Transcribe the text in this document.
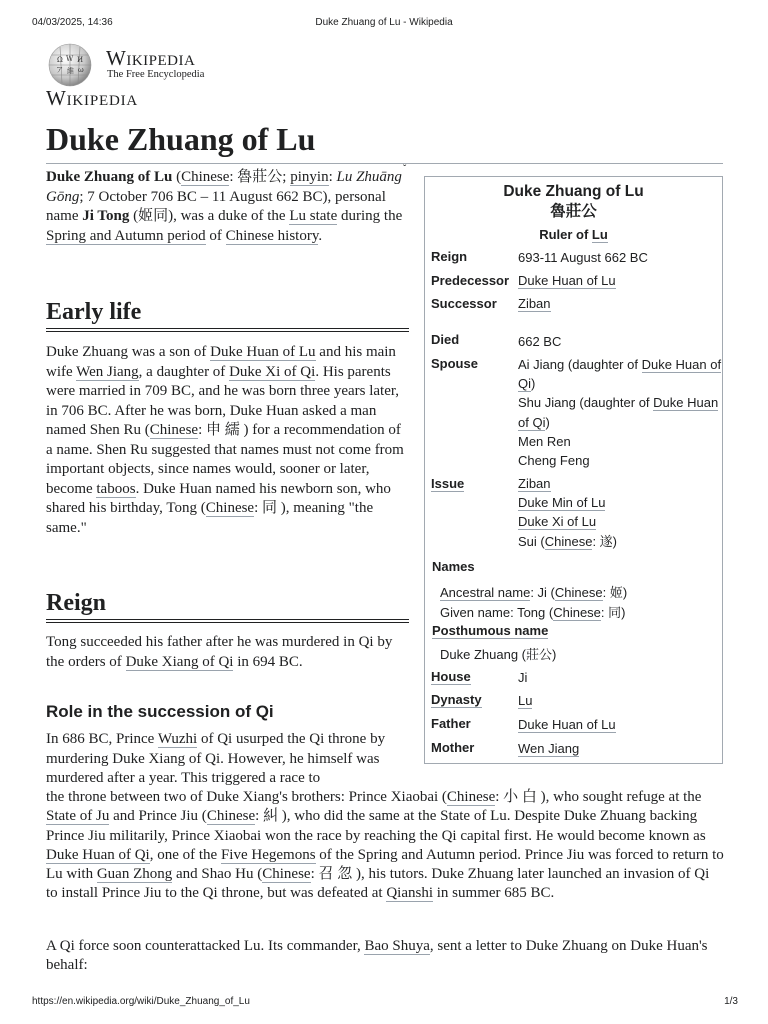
04/03/2025, 14:36	Duke Zhuang of Lu - Wikipedia
https://en.wikipedia.org/wiki/Duke_Zhuang_of_Lu	1/3
Ω W И
ア 維 ω Wikipedia
The Free Encyclopedia
Wikipedia
Duke Zhuang of Lu
ˇ

Duke Zhuang of Lu (Chinese: 魯莊公; pinyin: Lu Zhuāng Gōng; 7 October 706 BC – 11 August 662 BC), personal name Ji Tong (姬同), was a duke of the Lu state during the Spring and Autumn period of Chinese history.

Early life

Duke Zhuang was a son of Duke Huan of Lu and his main wife Wen Jiang, a daughter of Duke Xi of Qi. His parents were married in 709 BC, and he was born three years later, in 706 BC. After he was born, Duke Huan asked a man named Shen Ru (Chinese: 申 繻 ) for a recommendation of a name. Shen Ru suggested that names must not come from important objects, since names would, sooner or later, become taboos. Duke Huan named his newborn son, who shared his birthday, Tong (Chinese: 同 ), meaning "the same."

Reign

Tong succeeded his father after he was murdered in Qi by the orders of Duke Xiang of Qi in 694 BC.

Role in the succession of Qi

In 686 BC, Prince Wuzhi of Qi usurped the Qi throne by murdering Duke Xiang of Qi. However, he himself was murdered after a year. This triggered a race to

the throne between two of Duke Xiang's brothers: Prince Xiaobai (Chinese: 小 白 ), who sought refuge at the State of Ju and Prince Jiu (Chinese: 糾 ), who did the same at the State of Lu. Despite Duke Zhuang backing Prince Jiu militarily, Prince Xiaobai won the race by reaching the Qi capital first. He would become known as Duke Huan of Qi, one of the Five Hegemons of the Spring and Autumn period. Prince Jiu was forced to return to Lu with Guan Zhong and Shao Hu (Chinese: 召 忽 ), his tutors. Duke Zhuang later launched an invasion of Qi to install Prince Jiu to the Qi throne, but was defeated at Qianshi in summer 685 BC.

A Qi force soon counterattacked Lu. Its commander, Bao Shuya, sent a letter to Duke Zhuang on Duke Huan's behalf:

Duke Zhuang of Lu
魯莊公
Ruler of Lu
Reign	693-11 August 662 BC
Predecessor Duke Huan of Lu
Successor Ziban
Died	662 BC
Spouse	Ai Jiang (daughter of Duke Huan of Qi)
Shu Jiang (daughter of Duke Huan of Qi)
Men Ren
Cheng Feng
Issue	Ziban
Duke Min of Lu
Duke Xi of Lu
Sui (Chinese: 遂)
Names
Ancestral name: Ji (Chinese: 姬)
Given name: Tong (Chinese: 同)
Posthumous name
Duke Zhuang (莊公)
House	Ji
Dynasty	Lu
Father	Duke Huan of Lu
Mother	Wen Jiang
